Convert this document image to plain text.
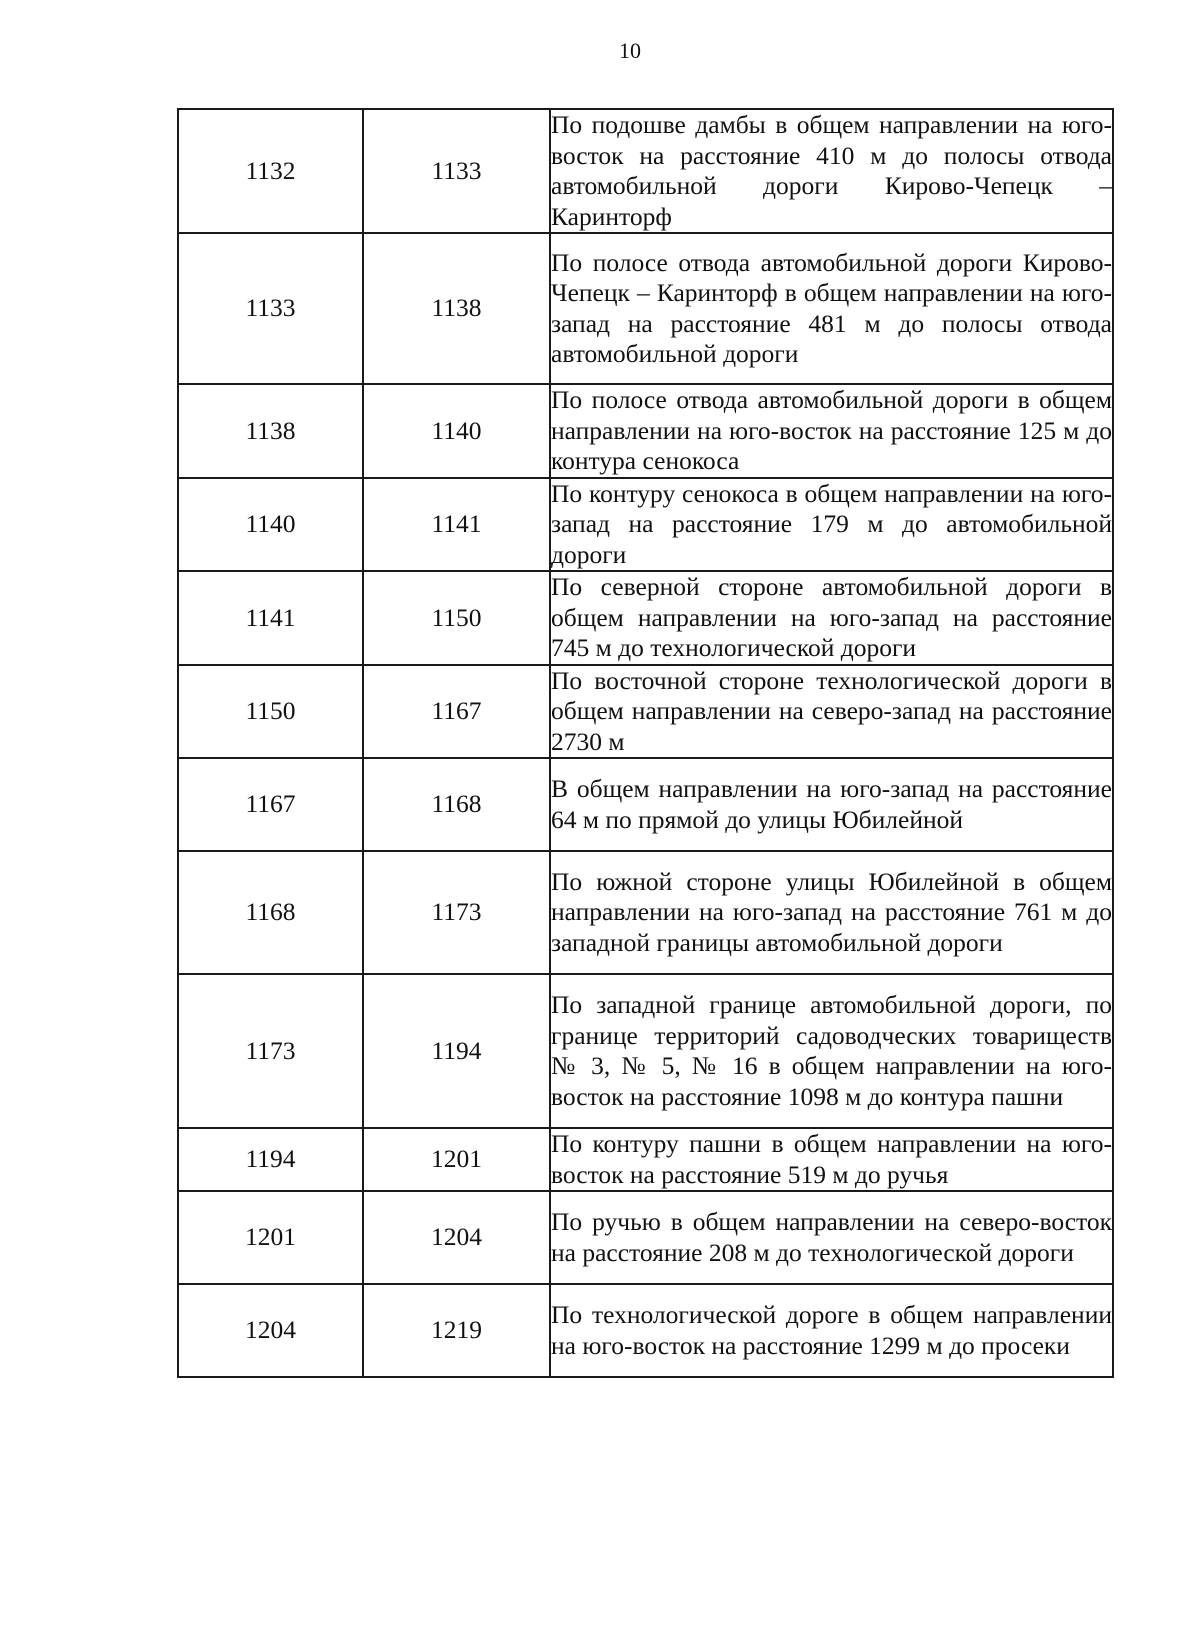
10
1132	1133	По подошве дамбы в общем направлении на юго-восток на расстояние 410 м до полосы отвода автомобильной дороги Кирово-Чепецк – Каринторф
1133	1138	По полосе отвода автомобильной дороги Кирово-Чепецк – Каринторф в общем направлении на юго-запад на расстояние 481 м до полосы отвода автомобильной дороги
1138	1140	По полосе отвода автомобильной дороги в общем направлении на юго-восток на расстояние 125 м до контура сенокоса
1140	1141	По контуру сенокоса в общем направлении на юго-запад на расстояние 179 м до автомобильной дороги
1141	1150	По северной стороне автомобильной дороги в общем направлении на юго-запад на расстояние 745 м до технологической дороги
1150	1167	По восточной стороне технологической дороги в общем направлении на северо-запад на расстояние 2730 м
1167	1168	В общем направлении на юго-запад на расстояние 64 м по прямой до улицы Юбилейной
1168	1173	По южной стороне улицы Юбилейной в общем направлении на юго-запад на расстояние 761 м до западной границы автомобильной дороги
1173	1194	По западной границе автомобильной дороги, по границе территорий садоводческих товариществ № 3, № 5, № 16 в общем направлении на юго-восток на расстояние 1098 м до контура пашни
1194	1201	По контуру пашни в общем направлении на юго-восток на расстояние 519 м до ручья
1201	1204	По ручью в общем направлении на северо-восток на расстояние 208 м до технологической дороги
1204	1219	По технологической дороге в общем направлении на юго-восток на расстояние 1299 м до просеки
